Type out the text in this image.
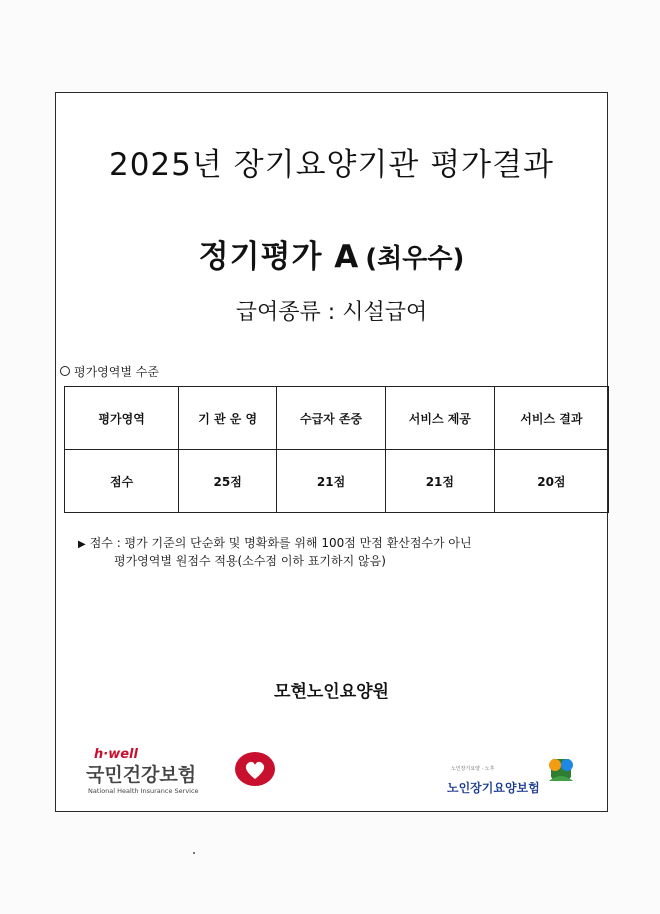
2025년 장기요양기관 평가결과
정기평가 A (최우수)
급여종류 : 시설급여
평가영역별 수준
평가영역	기 관 운 영	수급자 존중	서비스 제공	서비스 결과
점수	25점	21점	21점	20점
▶ 점수 : 평가 기준의 단순화 및 명확화를 위해 100점 만점 환산점수가 아닌
평가영역별 원점수 적용(소수점 이하 표기하지 않음)
모현노인요양원
h·well
국민건강보험
National Health Insurance Service
노인장기요양 · 노후
노인장기요양보험
